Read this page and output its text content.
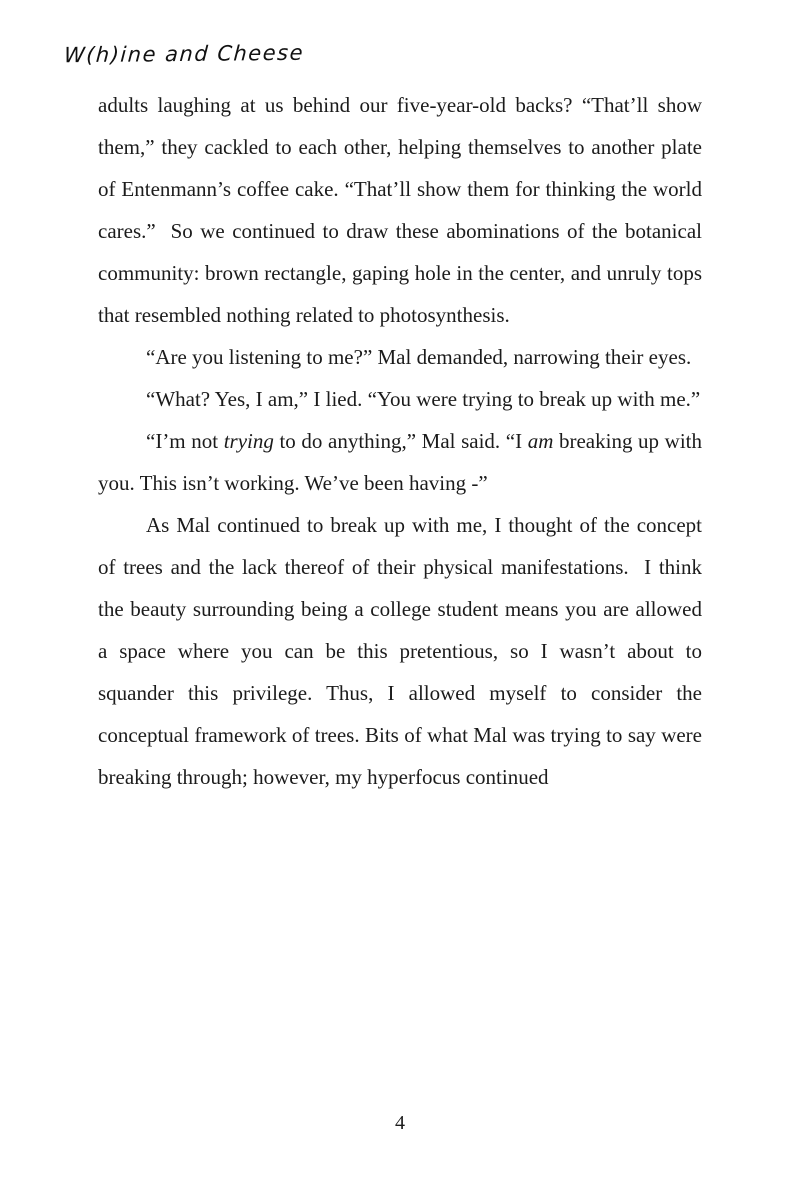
W(h)ine and Cheese

adults laughing at us behind our five-year-old backs? “That’ll show them,” they cackled to each other, helping themselves to another plate of Entenmann’s coffee cake. “That’ll show them for thinking the world cares.”  So we continued to draw these abominations of the botanical community: brown rectangle, gaping hole in the center, and unruly tops that resembled nothing related to photosynthesis.

“Are you listening to me?” Mal demanded, narrowing their eyes.

“What? Yes, I am,” I lied. “You were trying to break up with me.”

“I’m not trying to do anything,” Mal said. “I am breaking up with you. This isn’t working. We’ve been having -”

As Mal continued to break up with me, I thought of the concept of trees and the lack thereof of their physical manifestations.  I think the beauty surrounding being a college student means you are allowed a space where you can be this pretentious, so I wasn’t about to squander this privilege. Thus, I allowed myself to consider the conceptual framework of trees. Bits of what Mal was trying to say were breaking through; however, my hyperfocus continued

4
